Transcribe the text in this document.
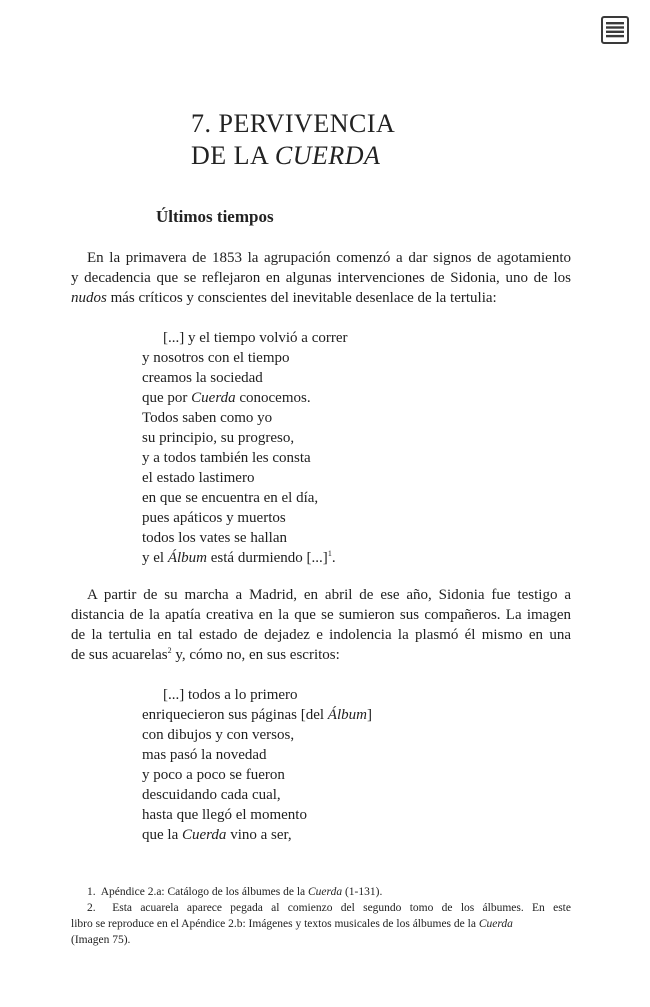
7. PERVIVENCIA
DE LA CUERDA
Últimos tiempos
En la primavera de 1853 la agrupación comenzó a dar signos de agotamiento
y decadencia que se reflejaron en algunas intervenciones de Sidonia, uno de los
nudos más críticos y conscientes del inevitable desenlace de la tertulia:
[...] y el tiempo volvió a correr
y nosotros con el tiempo
creamos la sociedad
que por Cuerda conocemos.
Todos saben como yo
su principio, su progreso,
y a todos también les consta
el estado lastimero
en que se encuentra en el día,
pues apáticos y muertos
todos los vates se hallan
y el Álbum está durmiendo [...]$^1$.
A partir de su marcha a Madrid, en abril de ese año, Sidonia fue testigo a
distancia de la apatía creativa en la que se sumieron sus compañeros. La imagen
de la tertulia en tal estado de dejadez e indolencia la plasmó él mismo en una
de sus acuarelas$^2$ y, cómo no, en sus escritos:
[...] todos a lo primero
enriquecieron sus páginas [del Álbum]
con dibujos y con versos,
mas pasó la novedad
y poco a poco se fueron
descuidando cada cual,
hasta que llegó el momento
que la Cuerda vino a ser,
1. Apéndice 2.a: Catálogo de los álbumes de la Cuerda (1-131).
2. Esta acuarela aparece pegada al comienzo del segundo tomo de los álbumes. En este
libro se reproduce en el Apéndice 2.b: Imágenes y textos musicales de los álbumes de la Cuerda
(Imagen 75).
